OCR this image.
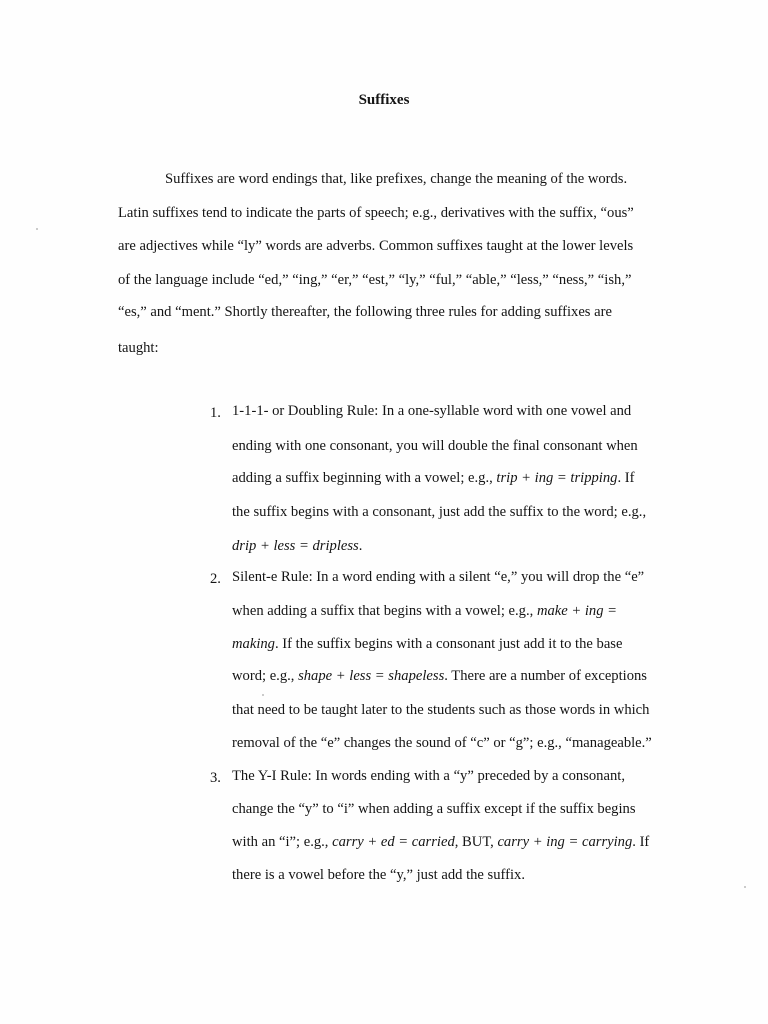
Suffixes
Suffixes are word endings that, like prefixes, change the meaning of the words.
Latin suffixes tend to indicate the parts of speech; e.g., derivatives with the suffix, “ous”
are adjectives while “ly” words are adverbs. Common suffixes taught at the lower levels
of the language include “ed,” “ing,” “er,” “est,” “ly,” “ful,” “able,” “less,” “ness,” “ish,”
“es,” and “ment.” Shortly thereafter, the following three rules for adding suffixes are
taught:
1. 1-1-1- or Doubling Rule: In a one-syllable word with one vowel and
ending with one consonant, you will double the final consonant when
adding a suffix beginning with a vowel; e.g., trip + ing = tripping. If
the suffix begins with a consonant, just add the suffix to the word; e.g.,
drip + less = dripless.
2. Silent-e Rule: In a word ending with a silent “e,” you will drop the “e”
when adding a suffix that begins with a vowel; e.g., make + ing =
making. If the suffix begins with a consonant just add it to the base
word; e.g., shape + less = shapeless. There are a number of exceptions
that need to be taught later to the students such as those words in which
removal of the “e” changes the sound of “c” or “g”; e.g., “manageable.”
3. The Y-I Rule: In words ending with a “y” preceded by a consonant,
change the “y” to “i” when adding a suffix except if the suffix begins
with an “i”; e.g., carry + ed = carried, BUT, carry + ing = carrying. If
there is a vowel before the “y,” just add the suffix.
